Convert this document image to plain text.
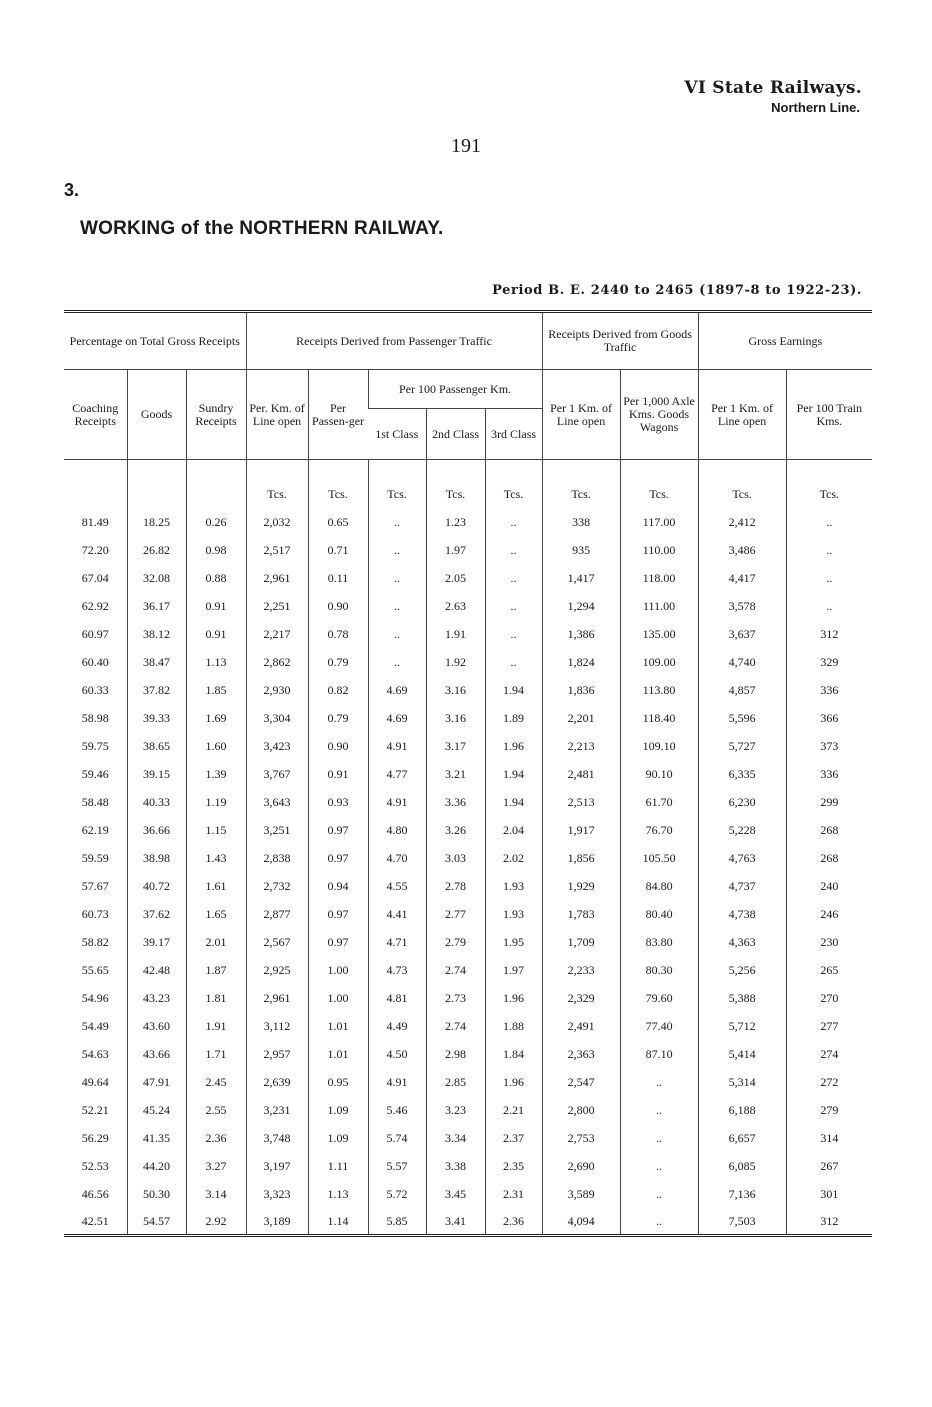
VI State Railways.
Northern Line.
191
3.
WORKING of the NORTHERN RAILWAY.
Period B. E. 2440 to 2465 (1897-8 to 1922-23).
Percentage on Total Gross Receipts			Receipts Derived from Passenger Traffic					Receipts Derived from Goods Traffic		Gross Earnings	
Coaching Receipts	Goods	Sundry Receipts	Per. Km. of Line open	Per Passen-ger	Per 100 Passenger Km.			Per 1 Km. of Line open	Per 1,000 Axle Kms. Goods Wagons	Per 1 Km. of Line open	Per 100 Train Kms.
					1st Class	2nd Class	3rd Class				
			Tcs.	Tcs.	Tcs.	Tcs.	Tcs.	Tcs.	Tcs.	Tcs.	Tcs.
81.49	18.25	0.26	2,032	0.65	..	1.23	..	338	117.00	2,412	..
72.20	26.82	0.98	2,517	0.71	..	1.97	..	935	110.00	3,486	..
67.04	32.08	0.88	2,961	0.11	..	2.05	..	1,417	118.00	4,417	..
62.92	36.17	0.91	2,251	0.90	..	2.63	..	1,294	111.00	3,578	..
60.97	38.12	0.91	2,217	0.78	..	1.91	..	1,386	135.00	3,637	312
60.40	38.47	1.13	2,862	0.79	..	1.92	..	1,824	109.00	4,740	329
60.33	37.82	1.85	2,930	0.82	4.69	3.16	1.94	1,836	113.80	4,857	336
58.98	39.33	1.69	3,304	0.79	4.69	3.16	1.89	2,201	118.40	5,596	366
59.75	38.65	1.60	3,423	0.90	4.91	3.17	1.96	2,213	109.10	5,727	373
59.46	39.15	1.39	3,767	0.91	4.77	3.21	1.94	2,481	90.10	6,335	336
58.48	40.33	1.19	3,643	0.93	4.91	3.36	1.94	2,513	61.70	6,230	299
62.19	36.66	1.15	3,251	0.97	4.80	3.26	2.04	1,917	76.70	5,228	268
59.59	38.98	1.43	2,838	0.97	4.70	3.03	2.02	1,856	105.50	4,763	268
57.67	40.72	1.61	2,732	0.94	4.55	2.78	1.93	1,929	84.80	4,737	240
60.73	37.62	1.65	2,877	0.97	4.41	2.77	1.93	1,783	80.40	4,738	246
58.82	39.17	2.01	2,567	0.97	4.71	2.79	1.95	1,709	83.80	4,363	230
55.65	42.48	1.87	2,925	1.00	4.73	2.74	1.97	2,233	80.30	5,256	265
54.96	43.23	1.81	2,961	1.00	4.81	2.73	1.96	2,329	79.60	5,388	270
54.49	43.60	1.91	3,112	1.01	4.49	2.74	1.88	2,491	77.40	5,712	277
54.63	43.66	1.71	2,957	1.01	4.50	2.98	1.84	2,363	87.10	5,414	274
49.64	47.91	2.45	2,639	0.95	4.91	2.85	1.96	2,547	..	5,314	272
52.21	45.24	2.55	3,231	1.09	5.46	3.23	2.21	2,800	..	6,188	279
56.29	41.35	2.36	3,748	1.09	5.74	3.34	2.37	2,753	..	6,657	314
52.53	44.20	3.27	3,197	1.11	5.57	3.38	2.35	2,690	..	6,085	267
46.56	50.30	3.14	3,323	1.13	5.72	3.45	2.31	3,589	..	7,136	301
42.51	54.57	2.92	3,189	1.14	5.85	3.41	2.36	4,094	..	7,503	312
